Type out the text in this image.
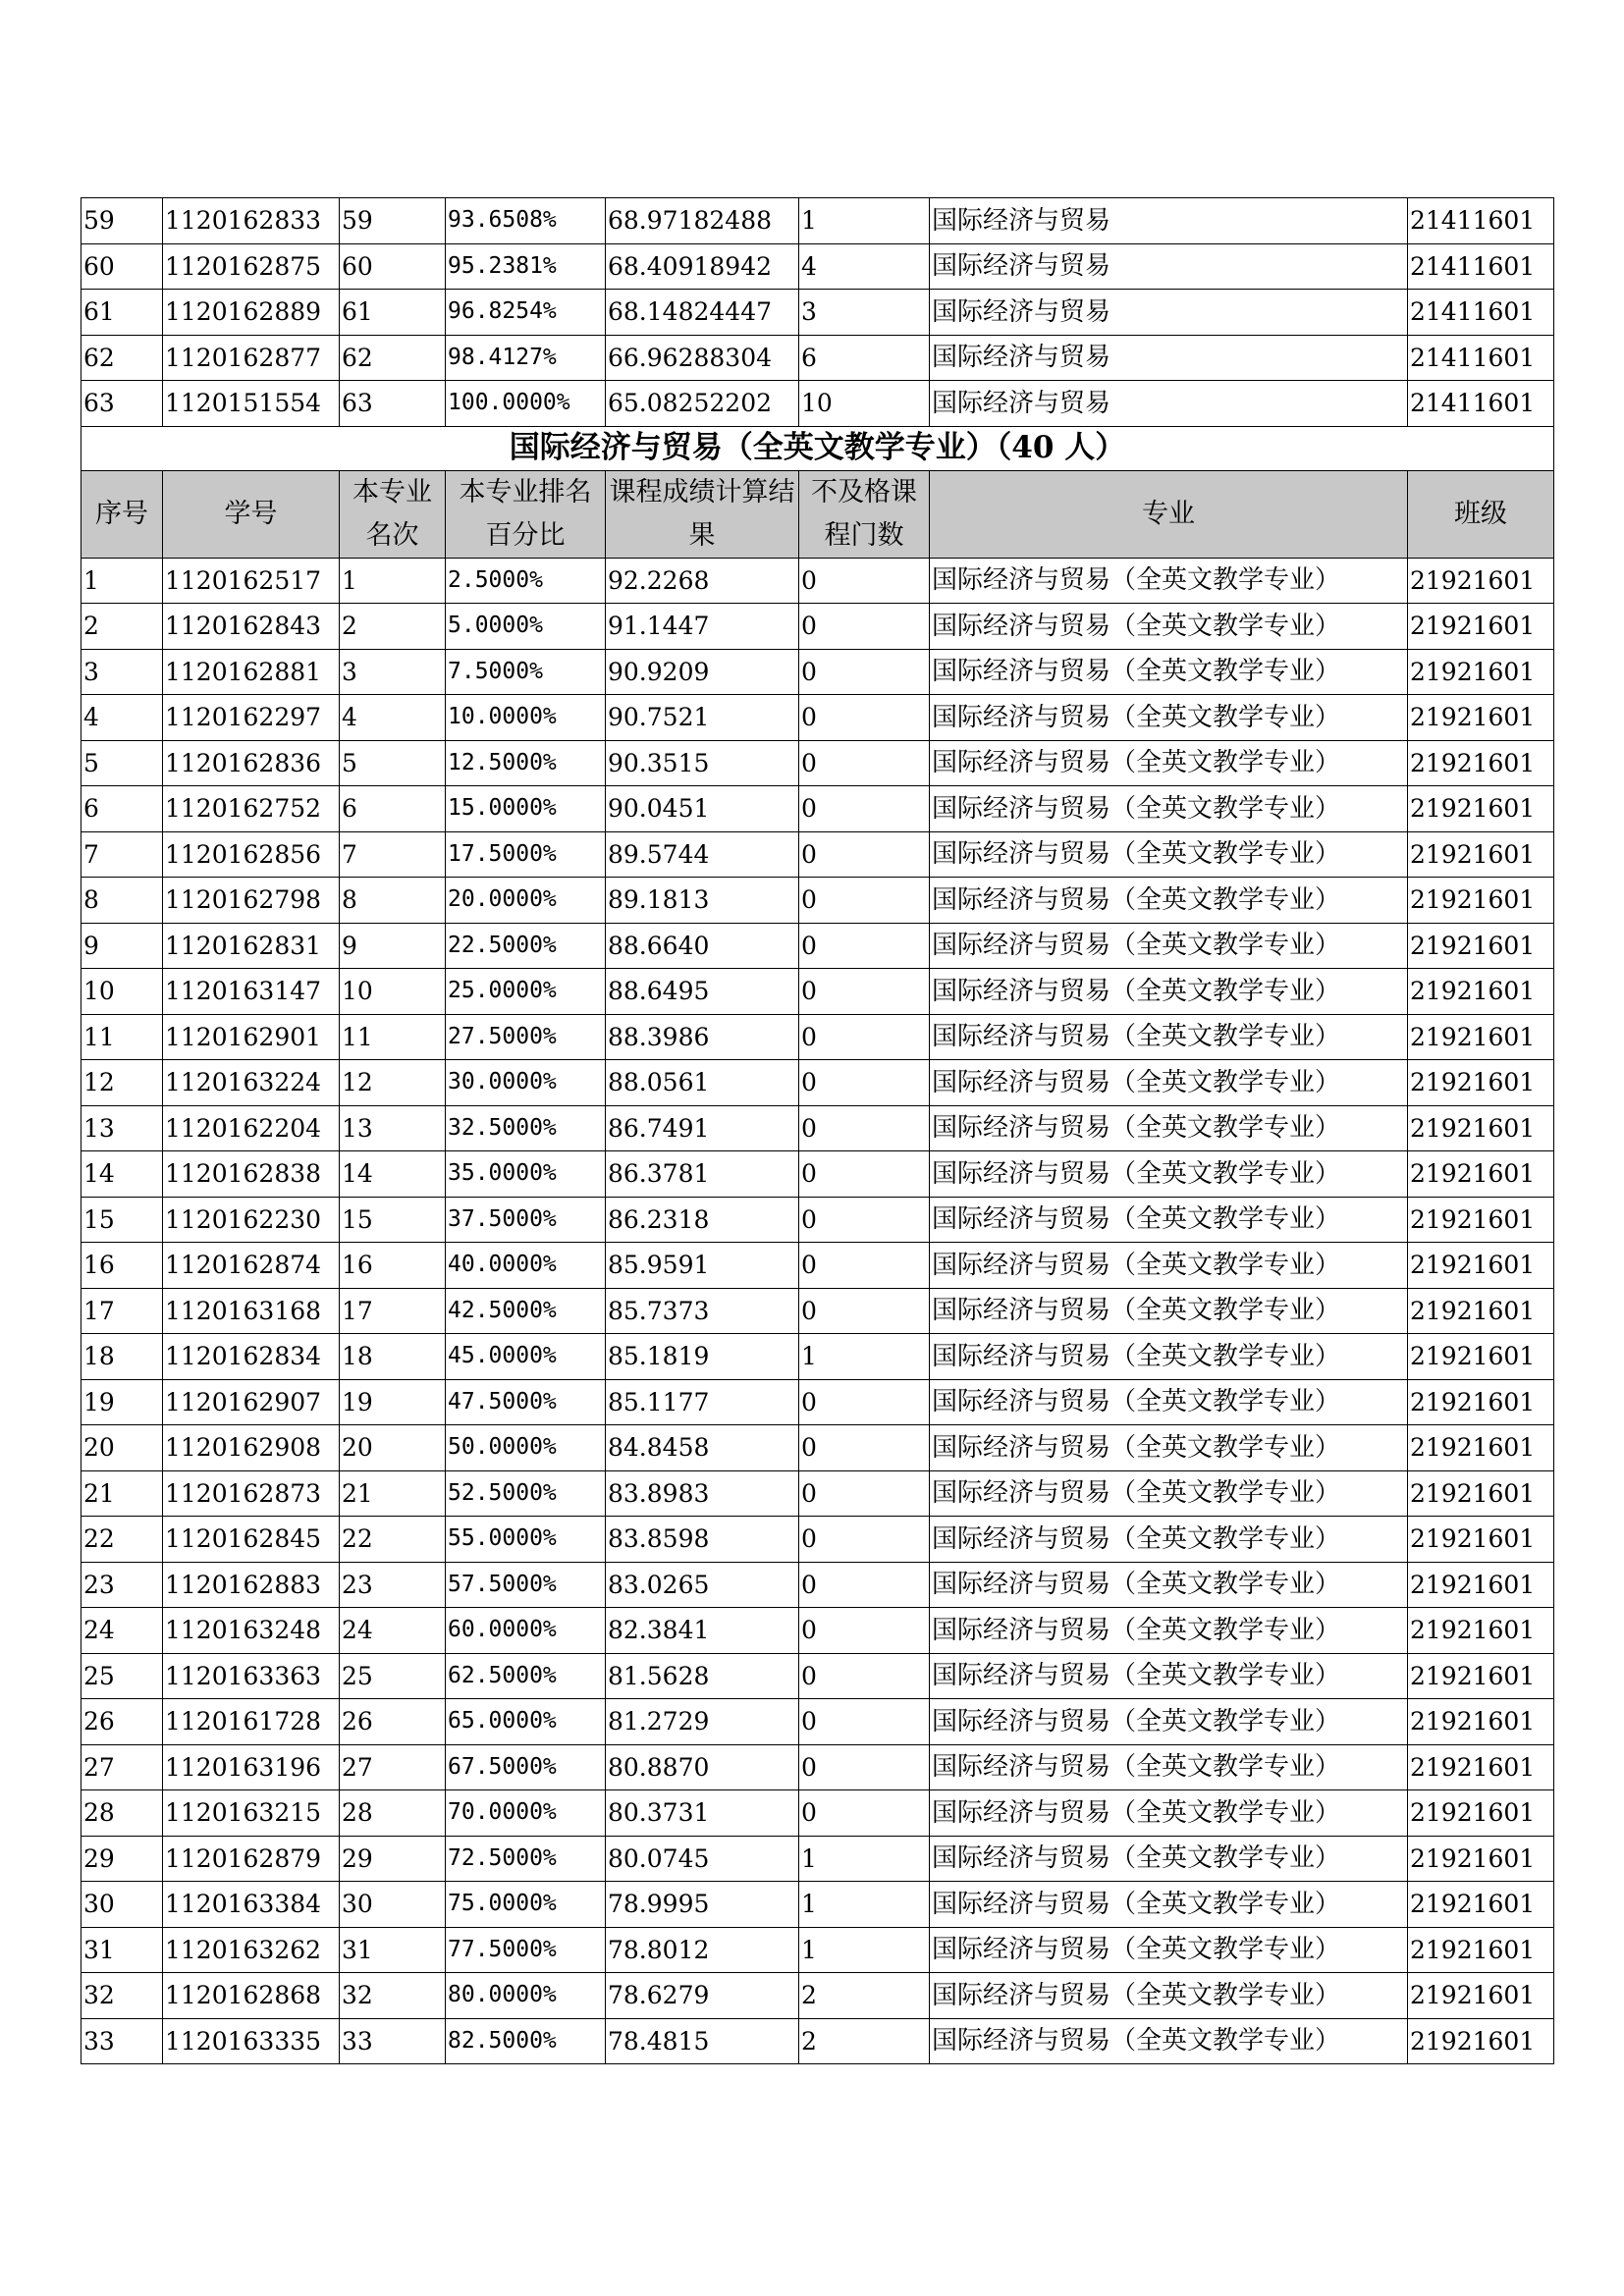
59	1120162833	59	93.6508%	68.97182488	1	国际经济与贸易	21411601
60	1120162875	60	95.2381%	68.40918942	4	国际经济与贸易	21411601
61	1120162889	61	96.8254%	68.14824447	3	国际经济与贸易	21411601
62	1120162877	62	98.4127%	66.96288304	6	国际经济与贸易	21411601
63	1120151554	63	100.0000%	65.08252202	10	国际经济与贸易	21411601
国际经济与贸易（全英文教学专业）（40 人）							
序号	学号	本专业名次	本专业排名百分比	课程成绩计算结果	不及格课程门数	专业	班级
1	1120162517	1	2.5000%	92.2268	0	国际经济与贸易（全英文教学专业）	21921601
2	1120162843	2	5.0000%	91.1447	0	国际经济与贸易（全英文教学专业）	21921601
3	1120162881	3	7.5000%	90.9209	0	国际经济与贸易（全英文教学专业）	21921601
4	1120162297	4	10.0000%	90.7521	0	国际经济与贸易（全英文教学专业）	21921601
5	1120162836	5	12.5000%	90.3515	0	国际经济与贸易（全英文教学专业）	21921601
6	1120162752	6	15.0000%	90.0451	0	国际经济与贸易（全英文教学专业）	21921601
7	1120162856	7	17.5000%	89.5744	0	国际经济与贸易（全英文教学专业）	21921601
8	1120162798	8	20.0000%	89.1813	0	国际经济与贸易（全英文教学专业）	21921601
9	1120162831	9	22.5000%	88.6640	0	国际经济与贸易（全英文教学专业）	21921601
10	1120163147	10	25.0000%	88.6495	0	国际经济与贸易（全英文教学专业）	21921601
11	1120162901	11	27.5000%	88.3986	0	国际经济与贸易（全英文教学专业）	21921601
12	1120163224	12	30.0000%	88.0561	0	国际经济与贸易（全英文教学专业）	21921601
13	1120162204	13	32.5000%	86.7491	0	国际经济与贸易（全英文教学专业）	21921601
14	1120162838	14	35.0000%	86.3781	0	国际经济与贸易（全英文教学专业）	21921601
15	1120162230	15	37.5000%	86.2318	0	国际经济与贸易（全英文教学专业）	21921601
16	1120162874	16	40.0000%	85.9591	0	国际经济与贸易（全英文教学专业）	21921601
17	1120163168	17	42.5000%	85.7373	0	国际经济与贸易（全英文教学专业）	21921601
18	1120162834	18	45.0000%	85.1819	1	国际经济与贸易（全英文教学专业）	21921601
19	1120162907	19	47.5000%	85.1177	0	国际经济与贸易（全英文教学专业）	21921601
20	1120162908	20	50.0000%	84.8458	0	国际经济与贸易（全英文教学专业）	21921601
21	1120162873	21	52.5000%	83.8983	0	国际经济与贸易（全英文教学专业）	21921601
22	1120162845	22	55.0000%	83.8598	0	国际经济与贸易（全英文教学专业）	21921601
23	1120162883	23	57.5000%	83.0265	0	国际经济与贸易（全英文教学专业）	21921601
24	1120163248	24	60.0000%	82.3841	0	国际经济与贸易（全英文教学专业）	21921601
25	1120163363	25	62.5000%	81.5628	0	国际经济与贸易（全英文教学专业）	21921601
26	1120161728	26	65.0000%	81.2729	0	国际经济与贸易（全英文教学专业）	21921601
27	1120163196	27	67.5000%	80.8870	0	国际经济与贸易（全英文教学专业）	21921601
28	1120163215	28	70.0000%	80.3731	0	国际经济与贸易（全英文教学专业）	21921601
29	1120162879	29	72.5000%	80.0745	1	国际经济与贸易（全英文教学专业）	21921601
30	1120163384	30	75.0000%	78.9995	1	国际经济与贸易（全英文教学专业）	21921601
31	1120163262	31	77.5000%	78.8012	1	国际经济与贸易（全英文教学专业）	21921601
32	1120162868	32	80.0000%	78.6279	2	国际经济与贸易（全英文教学专业）	21921601
33	1120163335	33	82.5000%	78.4815	2	国际经济与贸易（全英文教学专业）	21921601
